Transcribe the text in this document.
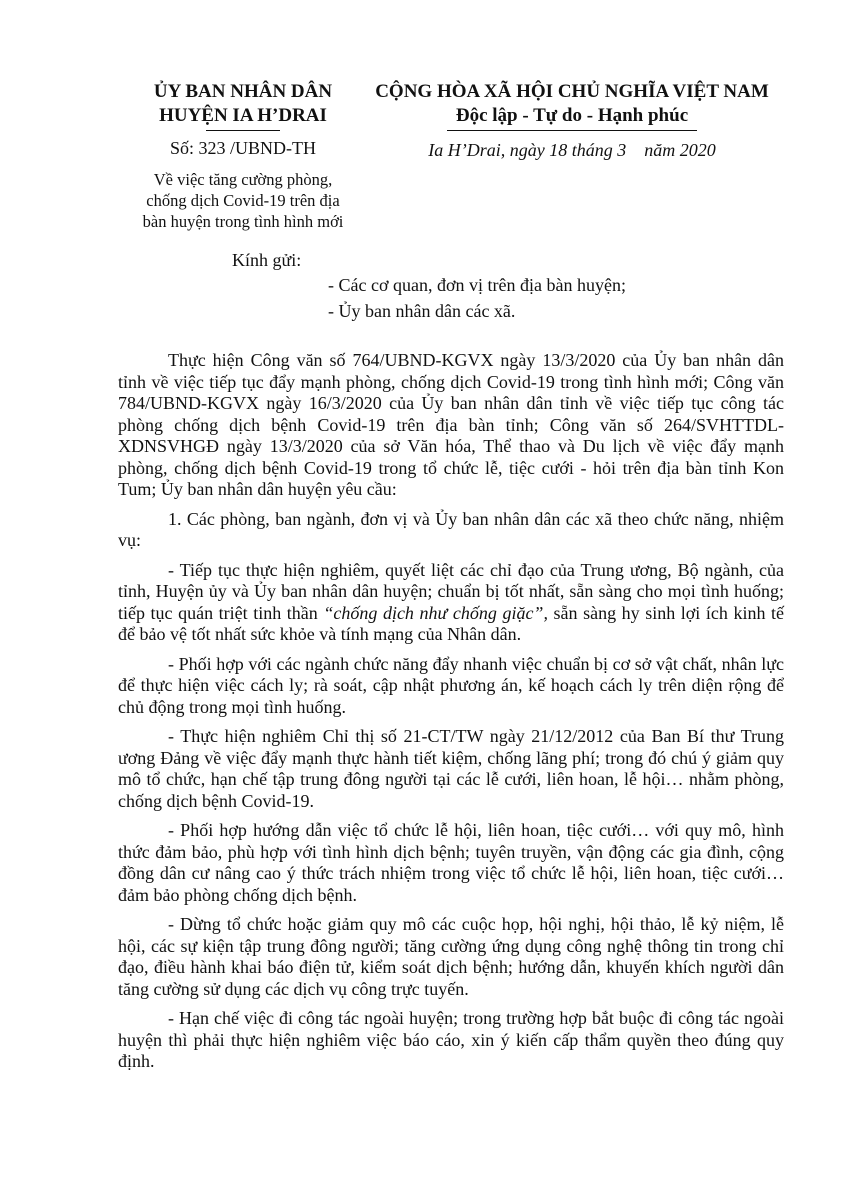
ỦY BAN NHÂN DÂN
HUYỆN IA H’DRAI
Số: 323 /UBND-TH
Về việc tăng cường phòng,
chống dịch Covid-19 trên địa
bàn huyện trong tình hình mới
CỘNG HÒA XÃ HỘI CHỦ NGHĨA VIỆT NAM
Độc lập - Tự do - Hạnh phúc
Ia H’Drai, ngày 18 tháng 3    năm 2020
Kính gửi:
- Các cơ quan, đơn vị trên địa bàn huyện;
- Ủy ban nhân dân các xã.

Thực hiện Công văn số 764/UBND-KGVX ngày 13/3/2020 của Ủy ban nhân dân tỉnh về việc tiếp tục đẩy mạnh phòng, chống dịch Covid-19 trong tình hình mới; Công văn 784/UBND-KGVX ngày 16/3/2020 của Ủy ban nhân dân tỉnh về việc tiếp tục công tác phòng chống dịch bệnh Covid-19 trên địa bàn tỉnh; Công văn số 264/SVHTTDL-XDNSVHGĐ ngày 13/3/2020 của sở Văn hóa, Thể thao và Du lịch về việc đẩy mạnh phòng, chống dịch bệnh Covid-19 trong tổ chức lễ, tiệc cưới - hỏi trên địa bàn tỉnh Kon Tum; Ủy ban nhân dân huyện yêu cầu:

1. Các phòng, ban ngành, đơn vị và Ủy ban nhân dân các xã theo chức năng, nhiệm vụ:

- Tiếp tục thực hiện nghiêm, quyết liệt các chỉ đạo của Trung ương, Bộ ngành, của tỉnh, Huyện ủy và Ủy ban nhân dân huyện; chuẩn bị tốt nhất, sẵn sàng cho mọi tình huống; tiếp tục quán triệt tinh thần “chống dịch như chống giặc”, sẵn sàng hy sinh lợi ích kinh tế để bảo vệ tốt nhất sức khỏe và tính mạng của Nhân dân.

- Phối hợp với các ngành chức năng đẩy nhanh việc chuẩn bị cơ sở vật chất, nhân lực để thực hiện việc cách ly; rà soát, cập nhật phương án, kế hoạch cách ly trên diện rộng để chủ động trong mọi tình huống.

- Thực hiện nghiêm Chỉ thị số 21-CT/TW ngày 21/12/2012 của Ban Bí thư Trung ương Đảng về việc đẩy mạnh thực hành tiết kiệm, chống lãng phí; trong đó chú ý giảm quy mô tổ chức, hạn chế tập trung đông người tại các lễ cưới, liên hoan, lễ hội… nhằm phòng, chống dịch bệnh Covid-19.

- Phối hợp hướng dẫn việc tổ chức lễ hội, liên hoan, tiệc cưới… với quy mô, hình thức đảm bảo, phù hợp với tình hình dịch bệnh; tuyên truyền, vận động các gia đình, cộng đồng dân cư nâng cao ý thức trách nhiệm trong việc tổ chức lễ hội, liên hoan, tiệc cưới… đảm bảo phòng chống dịch bệnh.

- Dừng tổ chức hoặc giảm quy mô các cuộc họp, hội nghị, hội thảo, lễ kỷ niệm, lễ hội, các sự kiện tập trung đông người; tăng cường ứng dụng công nghệ thông tin trong chỉ đạo, điều hành khai báo điện tử, kiểm soát dịch bệnh; hướng dẫn, khuyến khích người dân tăng cường sử dụng các dịch vụ công trực tuyến.

- Hạn chế việc đi công tác ngoài huyện; trong trường hợp bắt buộc đi công tác ngoài huyện thì phải thực hiện nghiêm việc báo cáo, xin ý kiến cấp thẩm quyền theo đúng quy định.
